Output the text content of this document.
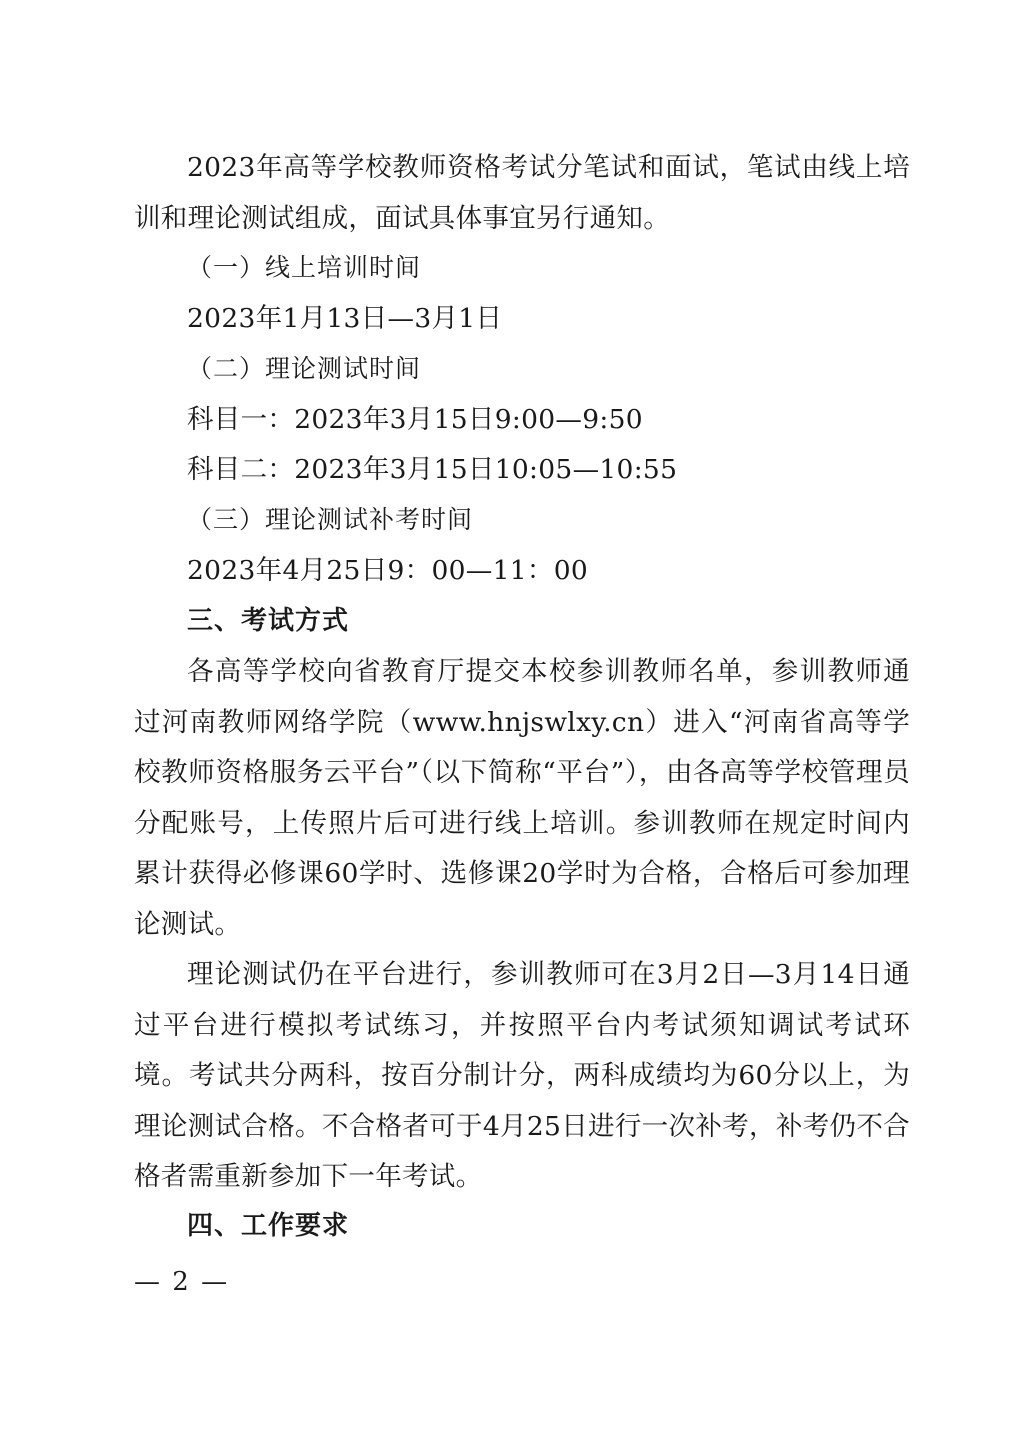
2023年高等学校教师资格考试分笔试和面试，笔试由线上培训和理论测试组成，面试具体事宜另行通知。

（一）线上培训时间

2023年1月13日—3月1日

（二）理论测试时间

科目一：2023年3月15日9:00—9:50

科目二：2023年3月15日10:05—10:55

（三）理论测试补考时间

2023年4月25日9：00—11：00

三、考试方式

各高等学校向省教育厅提交本校参训教师名单，参训教师通过河南教师网络学院（www.hnjswlxy.cn）进入“河南省高等学校教师资格服务云平台”（以下简称“平台”），由各高等学校管理员分配账号，上传照片后可进行线上培训。参训教师在规定时间内累计获得必修课60学时、选修课20学时为合格，合格后可参加理论测试。

理论测试仍在平台进行，参训教师可在3月2日—3月14日通过平台进行模拟考试练习，并按照平台内考试须知调试考试环境。考试共分两科，按百分制计分，两科成绩均为60分以上，为理论测试合格。不合格者可于4月25日进行一次补考，补考仍不合格者需重新参加下一年考试。

四、工作要求

— 2 —
